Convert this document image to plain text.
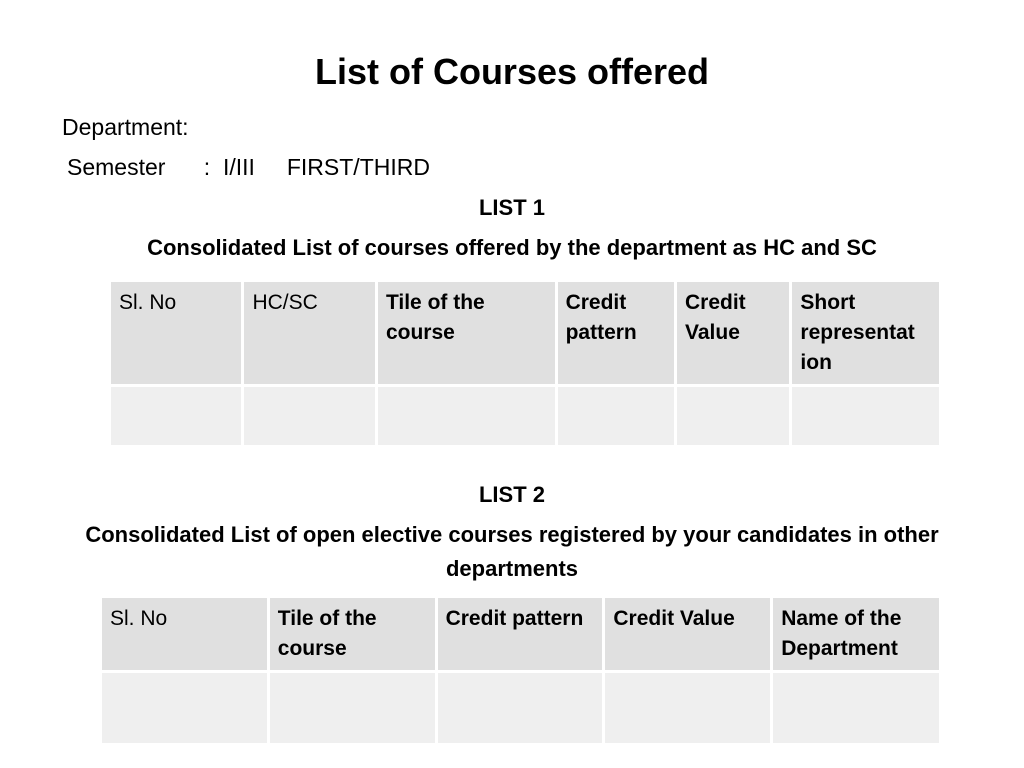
List of Courses offered
Department:
Semester : I/III FIRST/THIRD
LIST 1
Consolidated List of courses offered by the department as HC and SC
Sl. No	HC/SC	Tile of the course	Credit pattern	Credit Value	Short representat ion

LIST 2
Consolidated List of open elective courses registered by your candidates in other departments
Sl. No	Tile of the course	Credit pattern	Credit Value	Name of the Department
